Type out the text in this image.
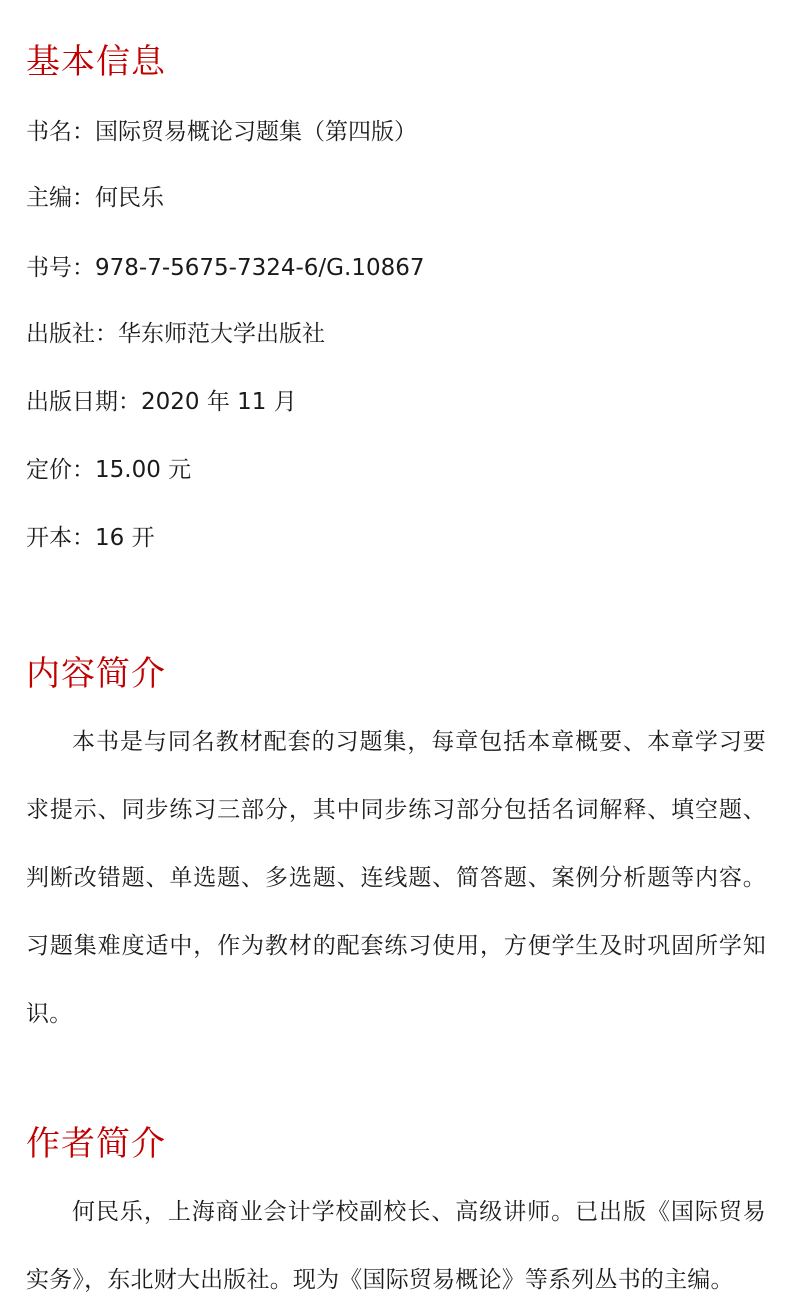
基本信息
书名：国际贸易概论习题集（第四版）
主编：何民乐
书号：978-7-5675-7324-6/G.10867
出版社：华东师范大学出版社
出版日期：2020 年 11 月
定价：15.00 元
开本：16 开
内容简介

本书是与同名教材配套的习题集，每章包括本章概要、本章学习要求提示、同步练习三部分，其中同步练习部分包括名词解释、填空题、判断改错题、单选题、多选题、连线题、简答题、案例分析题等内容。习题集难度适中，作为教材的配套练习使用，方便学生及时巩固所学知识。

作者简介

何民乐，上海商业会计学校副校长、高级讲师。已出版《国际贸易实务》，东北财大出版社。现为《国际贸易概论》等系列丛书的主编。
